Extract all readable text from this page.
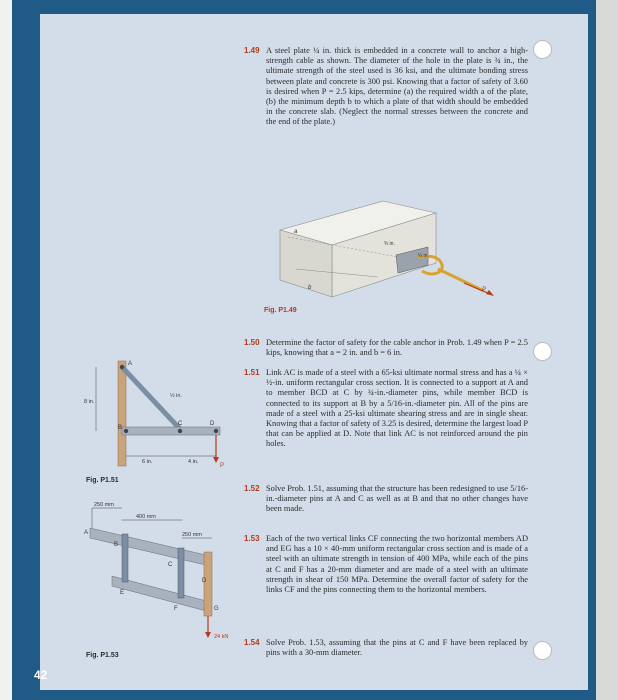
1.49 A steel plate ¼ in. thick is embedded in a concrete wall to anchor a high-strength cable as shown. The diameter of the hole in the plate is ¾ in., the ultimate strength of the steel used is 36 ksi, and the ultimate bonding stress between plate and concrete is 300 psi. Knowing that a factor of safety of 3.60 is desired when P = 2.5 kips, determine (a) the required width a of the plate, (b) the minimum depth b to which a plate of that width should be embedded in the concrete slab. (Neglect the normal stresses between the concrete and the end of the plate.)
a
b
¾ in.
¼ in.
P
Fig. P1.49
1.50 Determine the factor of safety for the cable anchor in Prob. 1.49 when P = 2.5 kips, knowing that a = 2 in. and b = 6 in.
1.51 Link AC is made of a steel with a 65-ksi ultimate normal stress and has a ¼ × ½-in. uniform rectangular cross section. It is connected to a support at A and to member BCD at C by ¾-in.-diameter pins, while member BCD is connected to its support at B by a 5/16-in.-diameter pin. All of the pins are made of a steel with a 25-ksi ultimate shearing stress and are in single shear. Knowing that a factor of safety of 3.25 is desired, determine the largest load P that can be applied at D. Note that link AC is not reinforced around the pin holes.
A
B
C	D
P
8 in.
6 in.	4 in.
½ in.
Fig. P1.51
1.52 Solve Prob. 1.51, assuming that the structure has been redesigned to use 5/16-in.-diameter pins at A and C as well as at B and that no other changes have been made.
250 mm
400 mm
250 mm
A
B
C
D
E
F	G
24 kN
Fig. P1.53
1.53 Each of the two vertical links CF connecting the two horizontal members AD and EG has a 10 × 40-mm uniform rectangular cross section and is made of a steel with an ultimate strength in tension of 400 MPa, while each of the pins at C and F has a 20-mm diameter and are made of a steel with an ultimate strength in shear of 150 MPa. Determine the overall factor of safety for the links CF and the pins connecting them to the horizontal members.
1.54 Solve Prob. 1.53, assuming that the pins at C and F have been replaced by pins with a 30-mm diameter.
42
